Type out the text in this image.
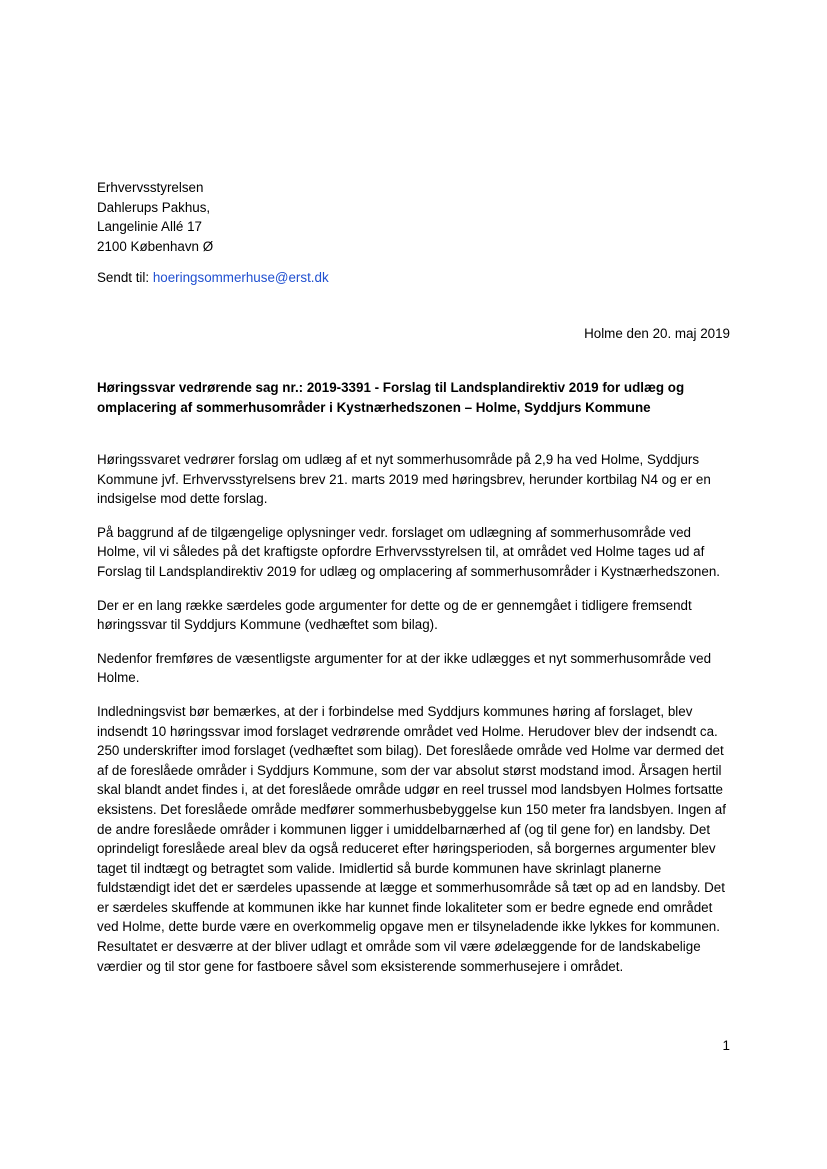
Erhvervsstyrelsen
Dahlerups Pakhus,
Langelinie Allé 17
2100 København Ø
Sendt til: hoeringsommerhuse@erst.dk
Holme den 20. maj 2019
Høringssvar vedrørende sag nr.: 2019-3391 - Forslag til Landsplandirektiv 2019 for udlæg og omplacering af sommerhusområder i Kystnærhedszonen – Holme, Syddjurs Kommune

Høringssvaret vedrører forslag om udlæg af et nyt sommerhusområde på 2,9 ha ved Holme, Syddjurs Kommune jvf. Erhvervsstyrelsens brev 21. marts 2019 med høringsbrev, herunder kortbilag N4 og er en indsigelse mod dette forslag.

På baggrund af de tilgængelige oplysninger vedr. forslaget om udlægning af sommerhusområde ved Holme, vil vi således på det kraftigste opfordre Erhvervsstyrelsen til, at området ved Holme tages ud af Forslag til Landsplandirektiv 2019 for udlæg og omplacering af sommerhusområder i Kystnærhedszonen.

Der er en lang række særdeles gode argumenter for dette og de er gennemgået i tidligere fremsendt høringssvar til Syddjurs Kommune (vedhæftet som bilag).

Nedenfor fremføres de væsentligste argumenter for at der ikke udlægges et nyt sommerhusområde ved Holme.

Indledningsvist bør bemærkes, at der i forbindelse med Syddjurs kommunes høring af forslaget, blev indsendt 10 høringssvar imod forslaget vedrørende området ved Holme. Herudover blev der indsendt ca. 250 underskrifter imod forslaget (vedhæftet som bilag). Det foreslåede område ved Holme var dermed det af de foreslåede områder i Syddjurs Kommune, som der var absolut størst modstand imod. Årsagen hertil skal blandt andet findes i, at det foreslåede område udgør en reel trussel mod landsbyen Holmes fortsatte eksistens. Det foreslåede område medfører sommerhusbebyggelse kun 150 meter fra landsbyen. Ingen af de andre foreslåede områder i kommunen ligger i umiddelbarnærhed af (og til gene for) en landsby. Det oprindeligt foreslåede areal blev da også reduceret efter høringsperioden, så borgernes argumenter blev taget til indtægt og betragtet som valide. Imidlertid så burde kommunen have skrinlagt planerne fuldstændigt idet det er særdeles upassende at lægge et sommerhusområde så tæt op ad en landsby. Det er særdeles skuffende at kommunen ikke har kunnet finde lokaliteter som er bedre egnede end området ved Holme, dette burde være en overkommelig opgave men er tilsyneladende ikke lykkes for kommunen. Resultatet er desværre at der bliver udlagt et område som vil være ødelæggende for de landskabelige værdier og til stor gene for fastboere såvel som eksisterende sommerhusejere i området.

1
